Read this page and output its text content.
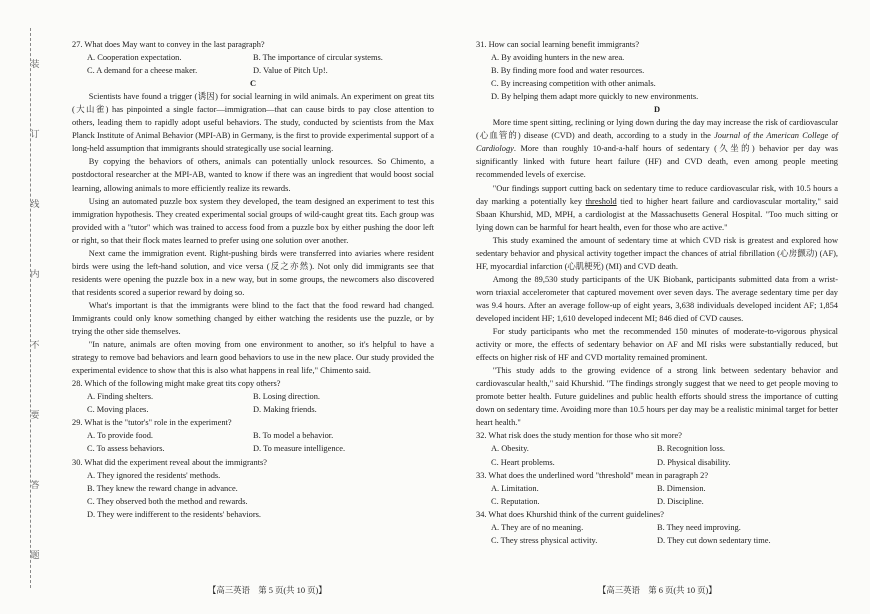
装
订
线
内
不
要
答
题

27. What does May want to convey in the last paragraph?

A. Cooperation expectation.	B. The importance of circular systems.
C. A demand for a cheese maker.	D. Value of Pitch Up!.

C

Scientists have found a trigger (诱因) for social learning in wild animals. An experiment on great tits (大山雀) has pinpointed a single factor—immigration—that can cause birds to pay close attention to others, leading them to rapidly adopt useful behaviors. The study, conducted by scientists from the Max Planck Institute of Animal Behavior (MPI-AB) in Germany, is the first to provide experimental support of a long-held assumption that immigrants should strategically use social learning.

By copying the behaviors of others, animals can potentially unlock resources. So Chimento, a postdoctoral researcher at the MPI-AB, wanted to know if there was an ingredient that would boost social learning, allowing animals to more efficiently realize its rewards.

Using an automated puzzle box system they developed, the team designed an experiment to test this immigration hypothesis. They created experimental social groups of wild-caught great tits. Each group was provided with a "tutor" which was trained to access food from a puzzle box by either pushing the door left or right, so that their flock mates learned to prefer using one solution over another.

Next came the immigration event. Right-pushing birds were transferred into aviaries where resident birds were using the left-hand solution, and vice versa (反之亦然). Not only did immigrants see that residents were opening the puzzle box in a new way, but in some groups, the newcomers also discovered that residents scored a superior reward by doing so.

What's important is that the immigrants were blind to the fact that the food reward had changed. Immigrants could only know something changed by either watching the residents use the puzzle, or by trying the other side themselves.

"In nature, animals are often moving from one environment to another, so it's helpful to have a strategy to remove bad behaviors and learn good behaviors to use in the new place. Our study provided the experimental evidence to show that this is also what happens in real life," Chimento said.

28. Which of the following might make great tits copy others?

A. Finding shelters.	B. Losing direction.
C. Moving places.	D. Making friends.

29. What is the "tutor's" role in the experiment?

A. To provide food.	B. To model a behavior.
C. To assess behaviors.	D. To measure intelligence.

30. What did the experiment reveal about the immigrants?

A. They ignored the residents' methods.

B. They knew the reward change in advance.

C. They observed both the method and rewards.

D. They were indifferent to the residents' behaviors.

31. How can social learning benefit immigrants?

A. By avoiding hunters in the new area.

B. By finding more food and water resources.

C. By increasing competition with other animals.

D. By helping them adapt more quickly to new environments.

D

More time spent sitting, reclining or lying down during the day may increase the risk of cardiovascular (心血管的) disease (CVD) and death, according to a study in the Journal of the American College of Cardiology. More than roughly 10-and-a-half hours of sedentary (久坐的) behavior per day was significantly linked with future heart failure (HF) and CVD death, even among people meeting recommended levels of exercise.

"Our findings support cutting back on sedentary time to reduce cardiovascular risk, with 10.5 hours a day marking a potentially key threshold tied to higher heart failure and cardiovascular mortality," said Sbaan Khurshid, MD, MPH, a cardiologist at the Massachusetts General Hospital. "Too much sitting or lying down can be harmful for heart health, even for those who are active."

This study examined the amount of sedentary time at which CVD risk is greatest and explored how sedentary behavior and physical activity together impact the chances of atrial fibrillation (心房颤动) (AF), HF, myocardial infarction (心肌梗死) (MI) and CVD death.

Among the 89,530 study participants of the UK Biobank, participants submitted data from a wrist-worn triaxial accelerometer that captured movement over seven days. The average sedentary time per day was 9.4 hours. After an average follow-up of eight years, 3,638 individuals developed incident AF; 1,854 developed incident HF; 1,610 developed indecent MI; 846 died of CVD causes.

For study participants who met the recommended 150 minutes of moderate-to-vigorous physical activity or more, the effects of sedentary behavior on AF and MI risks were substantially reduced, but effects on higher risk of HF and CVD mortality remained prominent.

"This study adds to the growing evidence of a strong link between sedentary behavior and cardiovascular health," said Khurshid. "The findings strongly suggest that we need to get people moving to promote better health. Future guidelines and public health efforts should stress the importance of cutting down on sedentary time. Avoiding more than 10.5 hours per day may be a realistic minimal target for better heart health."

32. What risk does the study mention for those who sit more?

A. Obesity.	B. Recognition loss.
C. Heart problems.	D. Physical disability.

33. What does the underlined word "threshold" mean in paragraph 2?

A. Limitation.	B. Dimension.
C. Reputation.	D. Discipline.

34. What does Khurshid think of the current guidelines?

A. They are of no meaning.	B. They need improving.
C. They stress physical activity.	D. They cut down sedentary time.
【高三英语　第 5 页(共 10 页)】	【高三英语　第 6 页(共 10 页)】
